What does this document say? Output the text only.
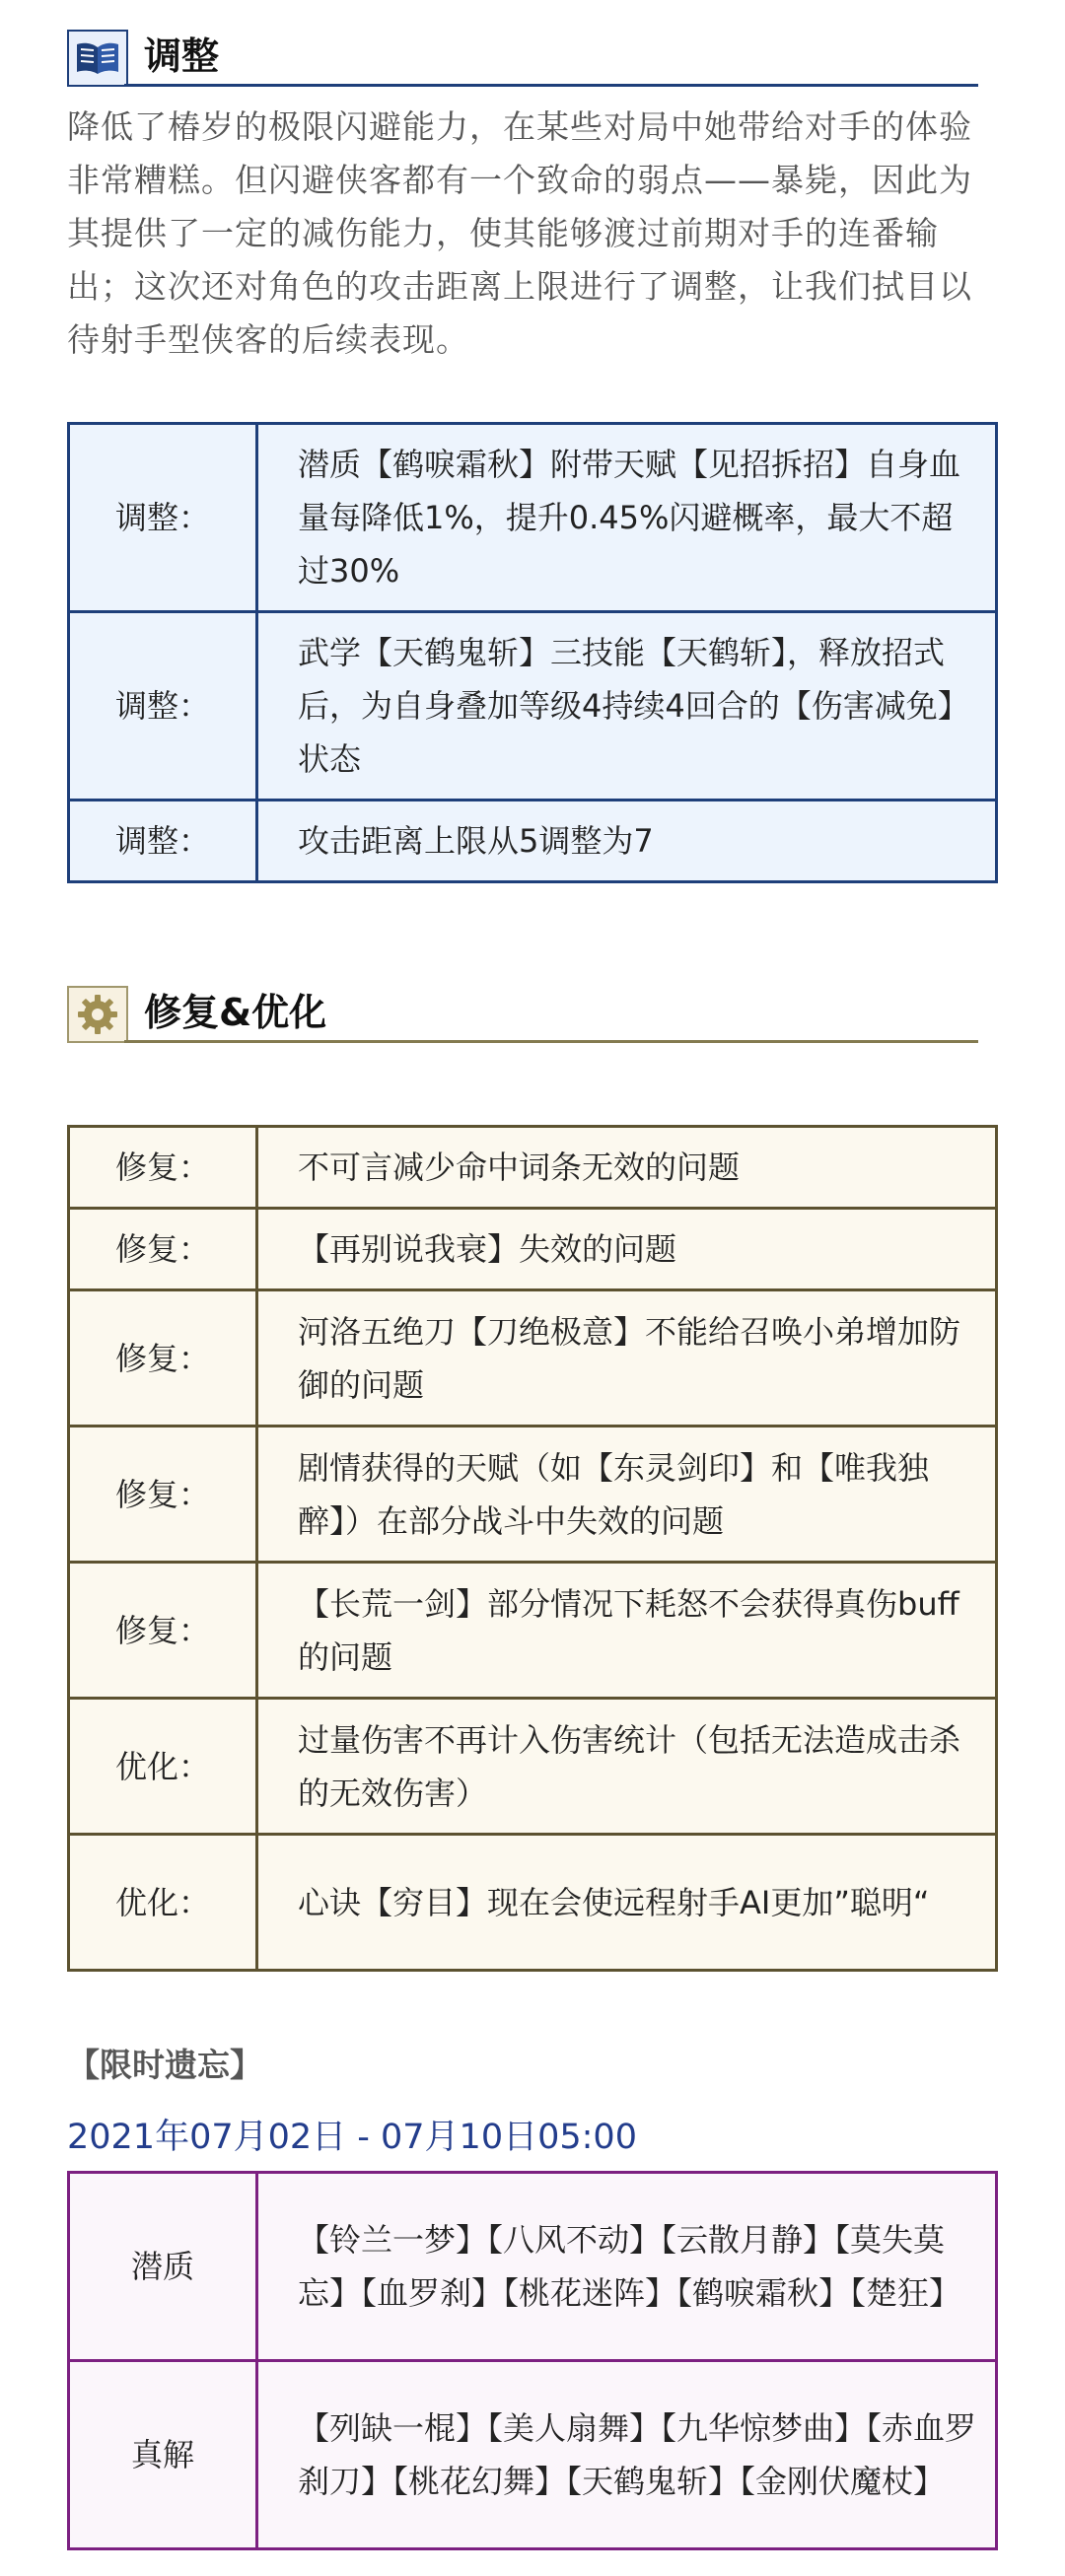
调整
降低了椿岁的极限闪避能力，在某些对局中她带给对手的体验非常糟糕。但闪避侠客都有一个致命的弱点——暴毙，因此为其提供了一定的减伤能力，使其能够渡过前期对手的连番输出；这次还对角色的攻击距离上限进行了调整，让我们拭目以待射手型侠客的后续表现。
调整：	潜质【鹤唳霜秋】附带天赋【见招拆招】自身血量每降低1%，提升0.45%闪避概率，最大不超过30%
调整：	武学【天鹤鬼斩】三技能【天鹤斩】，释放招式后，为自身叠加等级4持续4回合的【伤害减免】状态
调整：	攻击距离上限从5调整为7
修复&优化
修复：	不可言减少命中词条无效的问题
修复：	【再别说我衰】失效的问题
修复：	河洛五绝刀【刀绝极意】不能给召唤小弟增加防御的问题
修复：	剧情获得的天赋（如【东灵剑印】和【唯我独醉】）在部分战斗中失效的问题
修复：	【长荒一剑】部分情况下耗怒不会获得真伤buff的问题
优化：	过量伤害不再计入伤害统计（包括无法造成击杀的无效伤害）
优化：	心诀【穷目】现在会使远程射手AI更加”聪明“
【限时遗忘】
2021年07月02日 - 07月10日05:00
潜质	【铃兰一梦】【八风不动】【云散月静】【莫失莫忘】【血罗刹】【桃花迷阵】【鹤唳霜秋】【楚狂】
真解	【列缺一棍】【美人扇舞】【九华惊梦曲】【赤血罗刹刀】【桃花幻舞】【天鹤鬼斩】【金刚伏魔杖】
